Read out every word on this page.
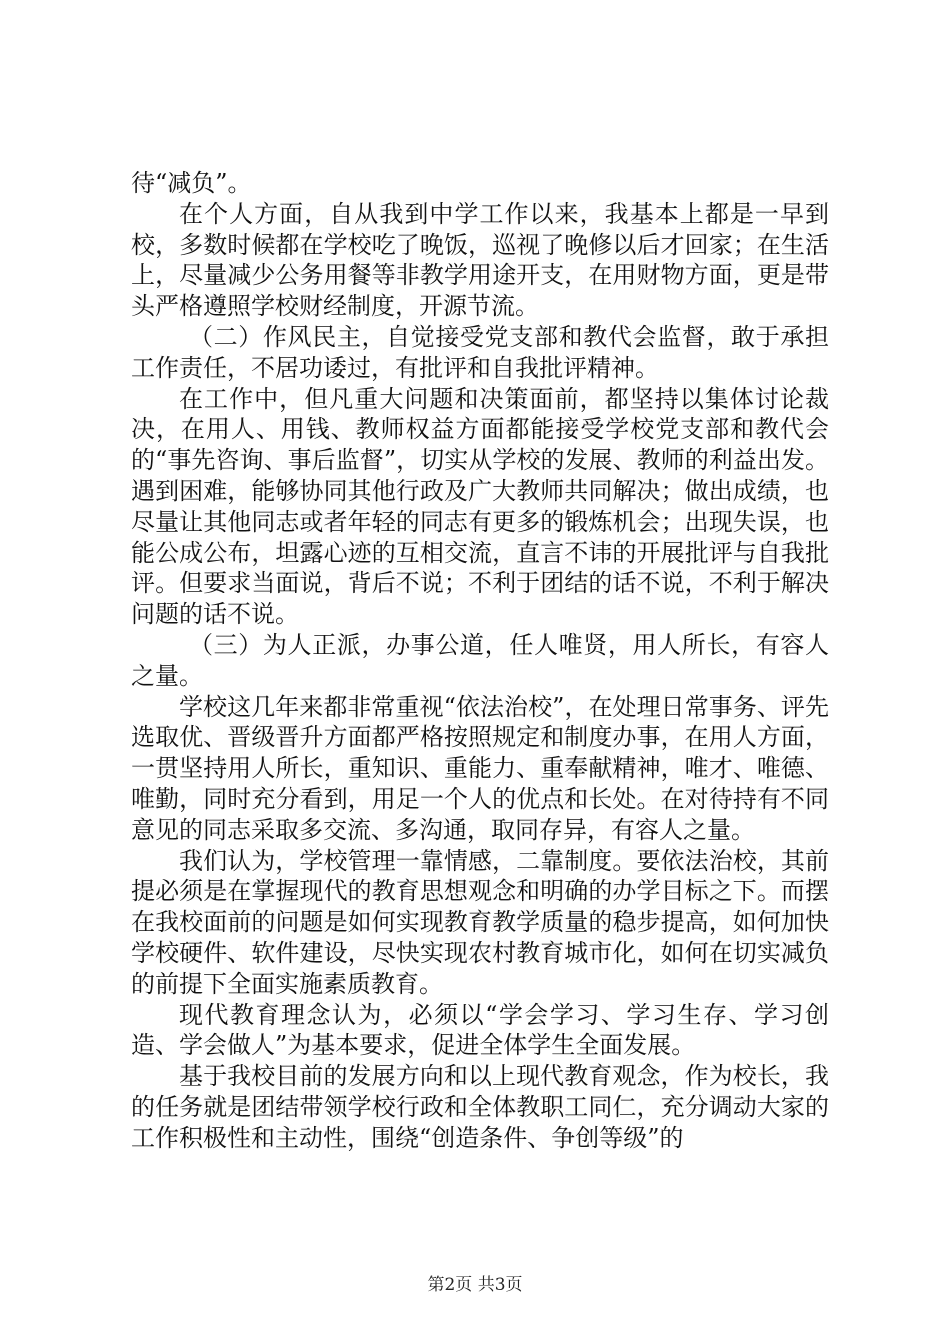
待“减负”。

在个人方面，自从我到中学工作以来，我基本上都是一早到校，多数时候都在学校吃了晚饭，巡视了晚修以后才回家；在生活上，尽量减少公务用餐等非教学用途开支，在用财物方面，更是带头严格遵照学校财经制度，开源节流。

（二）作风民主，自觉接受党支部和教代会监督，敢于承担工作责任，不居功诿过，有批评和自我批评精神。

在工作中，但凡重大问题和决策面前，都坚持以集体讨论裁决，在用人、用钱、教师权益方面都能接受学校党支部和教代会的“事先咨询、事后监督”，切实从学校的发展、教师的利益出发。遇到困难，能够协同其他行政及广大教师共同解决；做出成绩，也尽量让其他同志或者年轻的同志有更多的锻炼机会；出现失误，也能公成公布，坦露心迹的互相交流，直言不讳的开展批评与自我批评。但要求当面说，背后不说；不利于团结的话不说，不利于解决问题的话不说。

（三）为人正派，办事公道，任人唯贤，用人所长，有容人之量。

学校这几年来都非常重视“依法治校”，在处理日常事务、评先选取优、晋级晋升方面都严格按照规定和制度办事，在用人方面，一贯坚持用人所长，重知识、重能力、重奉献精神，唯才、唯德、唯勤，同时充分看到，用足一个人的优点和长处。在对待持有不同意见的同志采取多交流、多沟通，取同存异，有容人之量。

我们认为，学校管理一靠情感，二靠制度。要依法治校，其前提必须是在掌握现代的教育思想观念和明确的办学目标之下。而摆在我校面前的问题是如何实现教育教学质量的稳步提高，如何加快学校硬件、软件建设，尽快实现农村教育城市化，如何在切实减负的前提下全面实施素质教育。

现代教育理念认为，必须以“学会学习、学习生存、学习创造、学会做人”为基本要求，促进全体学生全面发展。

基于我校目前的发展方向和以上现代教育观念，作为校长，我的任务就是团结带领学校行政和全体教职工同仁，充分调动大家的工作积极性和主动性，围绕“创造条件、争创等级”的

第2页 共3页
